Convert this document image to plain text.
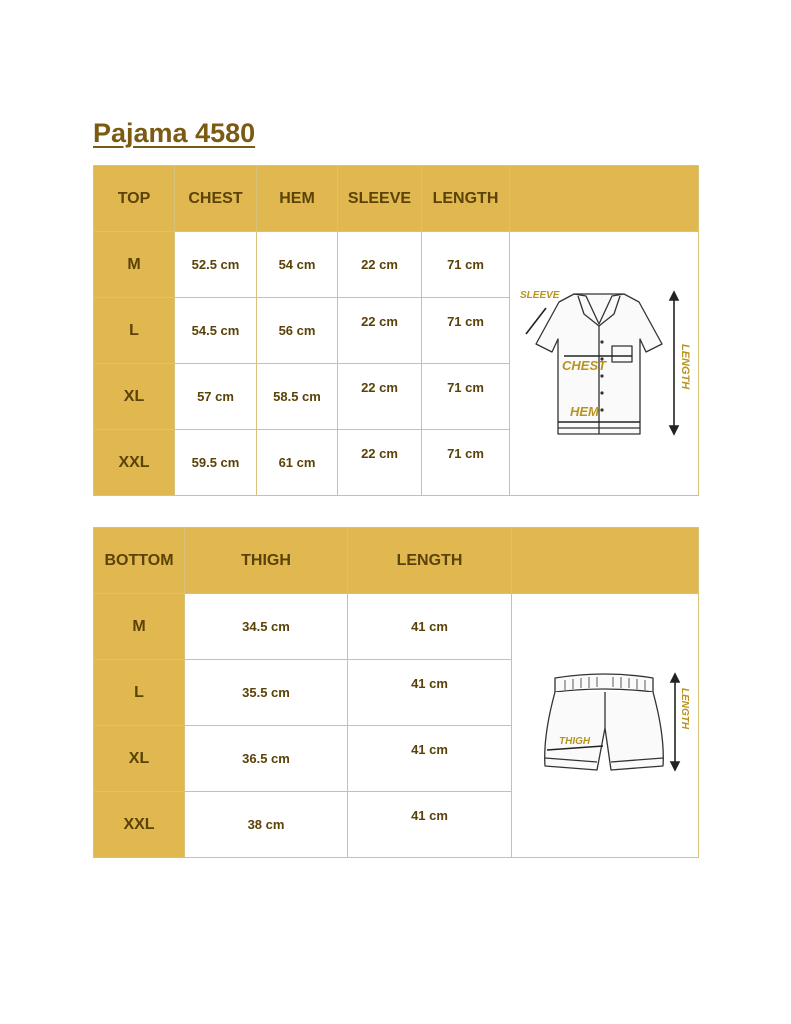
Pajama 4580
TOP	CHEST	HEM	SLEEVE	LENGTH	
M	52.5 cm	54 cm	22 cm	71 cm	SLEEVE
CHEST
HEM
LENGTH

L	54.5 cm	56 cm	22 cm	71 cm	
XL	57 cm	58.5 cm	22 cm	71 cm	
XXL	59.5 cm	61 cm	22 cm	71 cm	
BOTTOM	THIGH	LENGTH	
M	34.5 cm	41 cm	THIGH
LENGTH

L	35.5 cm	41 cm	
XL	36.5 cm	41 cm	
XXL	38 cm	41 cm	
